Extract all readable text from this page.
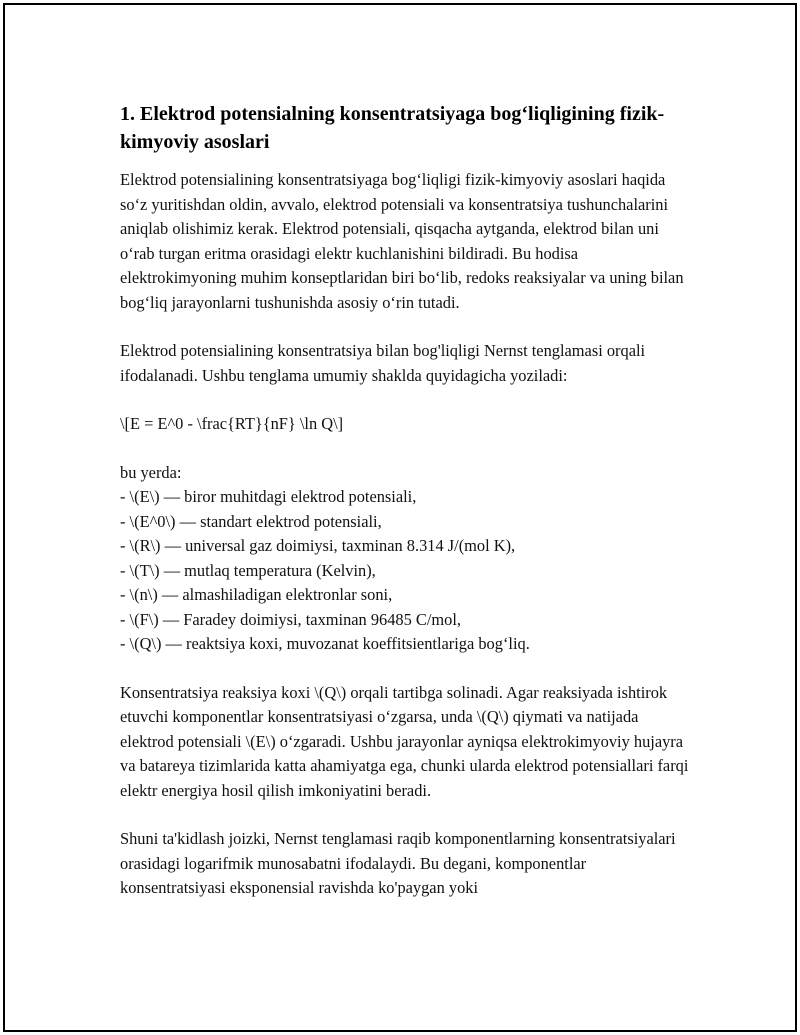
1. Elektrod potensialning konsentratsiyaga bog‘liqligining fizik-kimyoviy asoslari

Elektrod potensialining konsentratsiyaga bog‘liqligi fizik-kimyoviy asoslari haqida so‘z yuritishdan oldin, avvalo, elektrod potensiali va konsentratsiya tushunchalarini aniqlab olishimiz kerak. Elektrod potensiali, qisqacha aytganda, elektrod bilan uni o‘rab turgan eritma orasidagi elektr kuchlanishini bildiradi. Bu hodisa elektrokimyoning muhim konseptlaridan biri bo‘lib, redoks reaksiyalar va uning bilan bog‘liq jarayonlarni tushunishda asosiy o‘rin tutadi.

Elektrod potensialining konsentratsiya bilan bog'liqligi Nernst tenglamasi orqali ifodalanadi. Ushbu tenglama umumiy shaklda quyidagicha yoziladi:

\[E = E^0 - \frac{RT}{nF} \ln Q\]

bu yerda:
- \(E\) — biror muhitdagi elektrod potensiali,
- \(E^0\) — standart elektrod potensiali,
- \(R\) — universal gaz doimiysi, taxminan 8.314 J/(mol K),
- \(T\) — mutlaq temperatura (Kelvin),
- \(n\) — almashiladigan elektronlar soni,
- \(F\) — Faradey doimiysi, taxminan 96485 C/mol,
- \(Q\) — reaktsiya koxi, muvozanat koeffitsientlariga bog‘liq.

Konsentratsiya reaksiya koxi \(Q\) orqali tartibga solinadi. Agar reaksiyada ishtirok etuvchi komponentlar konsentratsiyasi o‘zgarsa, unda \(Q\) qiymati va natijada elektrod potensiali \(E\) o‘zgaradi. Ushbu jarayonlar ayniqsa elektrokimyoviy hujayra va batareya tizimlarida katta ahamiyatga ega, chunki ularda elektrod potensiallari farqi elektr energiya hosil qilish imkoniyatini beradi.

Shuni ta'kidlash joizki, Nernst tenglamasi raqib komponentlarning konsentratsiyalari orasidagi logarifmik munosabatni ifodalaydi. Bu degani, komponentlar konsentratsiyasi eksponensial ravishda ko'paygan yoki
